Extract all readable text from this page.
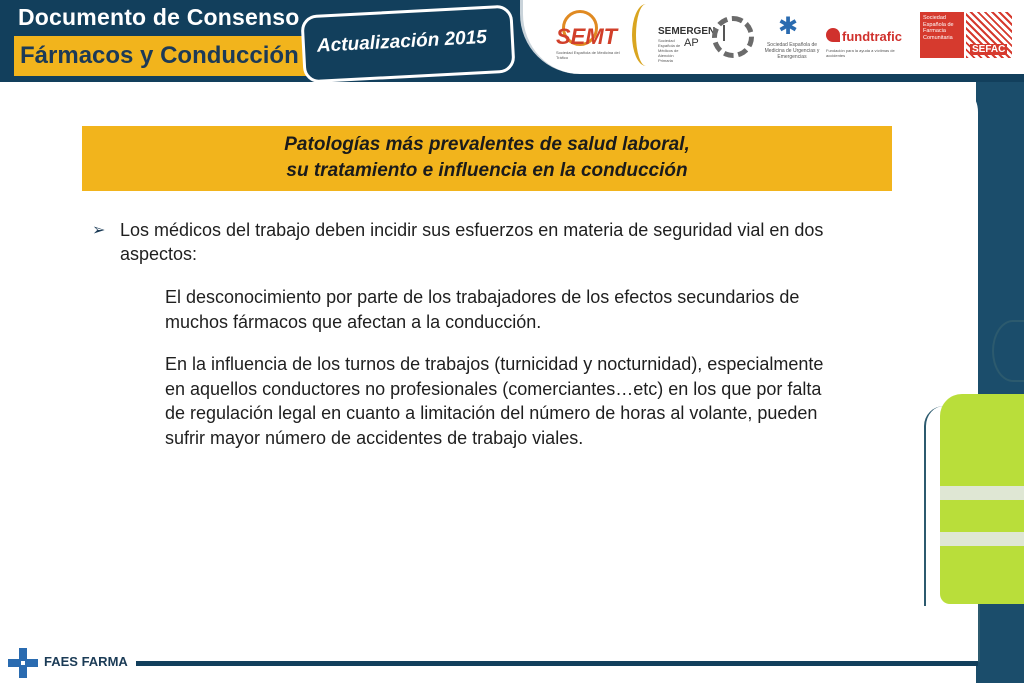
Documento de Consenso
Fármacos y Conducción Actualización 2015	SEMT
Sociedad Española de Medicina del Tráfico
SEMERGEN
Sociedad Española de Médicos de Atención Primaria
AP
✱
Sociedad Española de Medicina de Urgencias y Emergencias
fundtrafic
Fundación para la ayuda a víctimas de accidentes
Sociedad Española de Farmacia Comunitaria
SEFAC
Patologías más prevalentes de salud laboral,
su tratamiento e influencia en la conducción
➢ Los médicos del trabajo deben incidir sus esfuerzos en materia de seguridad vial en dos aspectos:
El desconocimiento por parte de los trabajadores de los efectos secundarios de muchos fármacos que afectan a la conducción.
En la influencia de los turnos de trabajos (turnicidad y nocturnidad), especialmente en aquellos conductores no profesionales (comerciantes…etc) en los que por falta de regulación legal en cuanto a limitación del número de horas al volante, pueden sufrir mayor número de accidentes de trabajo viales.
FAES FARMA
